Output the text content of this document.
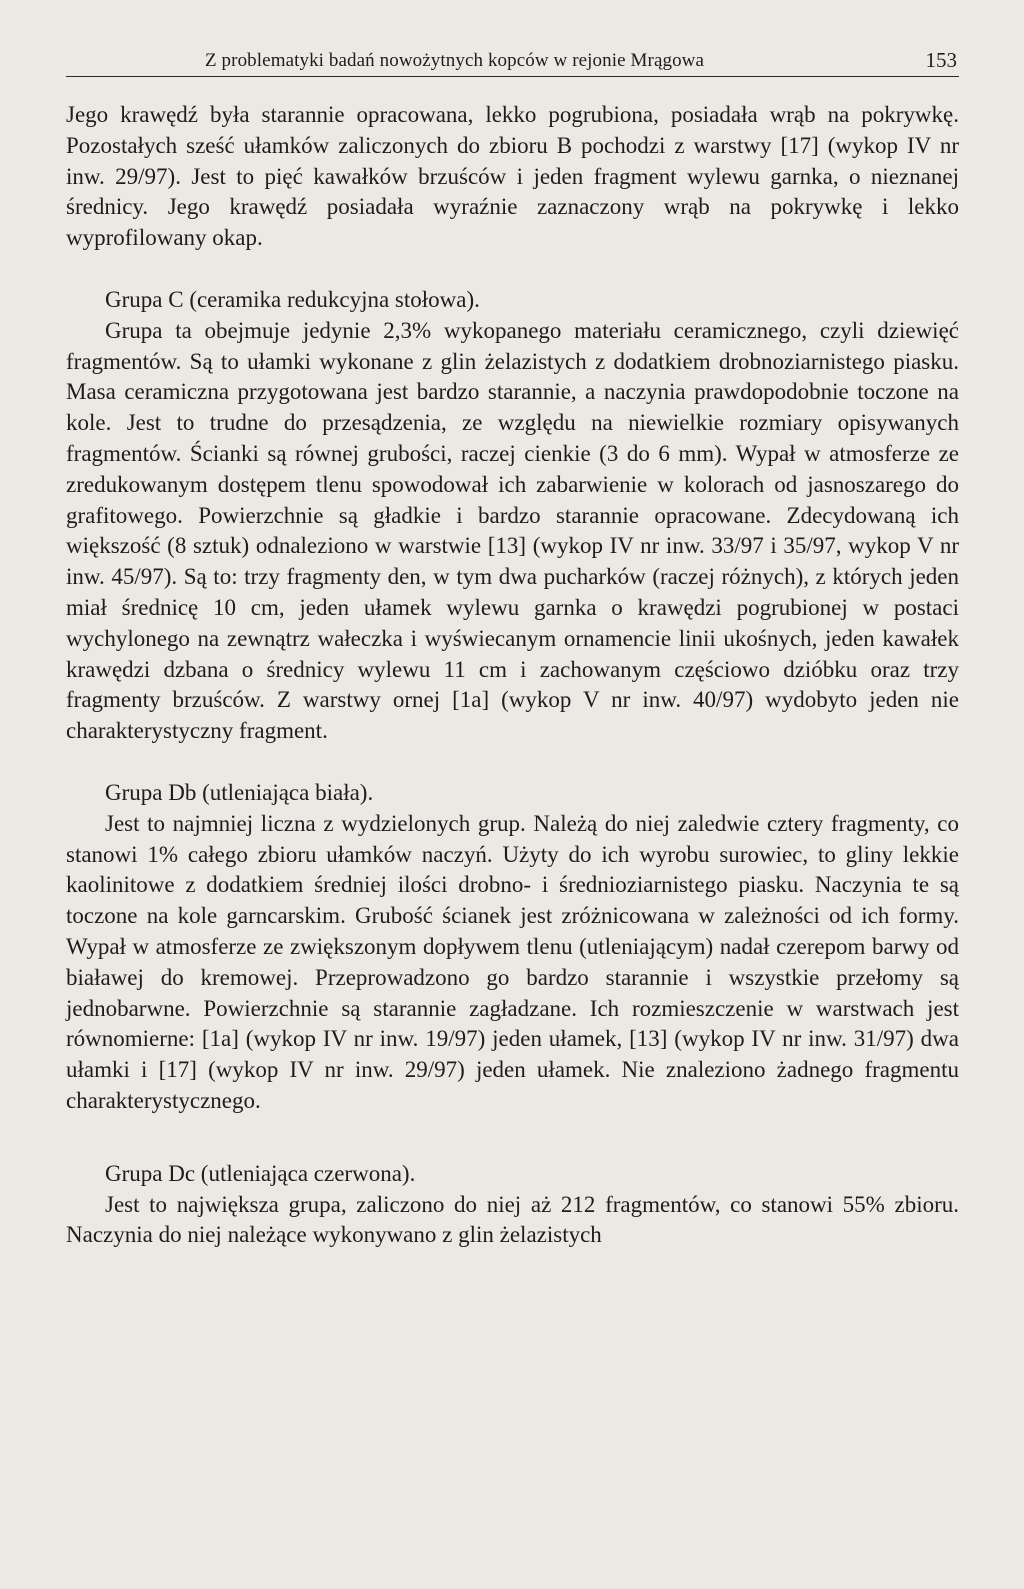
Z problematyki badań nowożytnych kopców w rejonie Mrągowa	153

Jego krawędź była starannie opracowana, lekko pogrubiona, posiadała wrąb na pokrywkę. Pozostałych sześć ułamków zaliczonych do zbioru B pochodzi z warstwy [17] (wykop IV nr inw. 29/97). Jest to pięć kawałków brzuśców i jeden fragment wylewu garnka, o nieznanej średnicy. Jego krawędź posiadała wyraźnie zaznaczony wrąb na pokrywkę i lekko wyprofilowany okap.

Grupa C (ceramika redukcyjna stołowa).

Grupa ta obejmuje jedynie 2,3% wykopanego materiału ceramicznego, czyli dziewięć fragmentów. Są to ułamki wykonane z glin żelazistych z dodatkiem drobnoziarnistego piasku. Masa ceramiczna przygotowana jest bardzo starannie, a naczynia prawdopodobnie toczone na kole. Jest to trudne do przesądzenia, ze względu na niewielkie rozmiary opisywanych fragmentów. Ścianki są równej grubości, raczej cienkie (3 do 6 mm). Wypał w atmosferze ze zredukowanym dostępem tlenu spowodował ich zabarwienie w kolorach od jasnoszarego do grafitowego. Powierzchnie są gładkie i bardzo starannie opracowane. Zdecydowaną ich większość (8 sztuk) odnaleziono w warstwie [13] (wykop IV nr inw. 33/97 i 35/97, wykop V nr inw. 45/97). Są to: trzy fragmenty den, w tym dwa pucharków (raczej różnych), z których jeden miał średnicę 10 cm, jeden ułamek wylewu garnka o krawędzi pogrubionej w postaci wychylonego na zewnątrz wałeczka i wyświecanym ornamencie linii ukośnych, jeden kawałek krawędzi dzbana o średnicy wylewu 11 cm i zachowanym częściowo dzióbku oraz trzy fragmenty brzuśców. Z warstwy ornej [1a] (wykop V nr inw. 40/97) wydobyto jeden nie charakterystyczny fragment.

Grupa Db (utleniająca biała).

Jest to najmniej liczna z wydzielonych grup. Należą do niej zaledwie cztery fragmenty, co stanowi 1% całego zbioru ułamków naczyń. Użyty do ich wyrobu surowiec, to gliny lekkie kaolinitowe z dodatkiem średniej ilości drobno- i średnioziarnistego piasku. Naczynia te są toczone na kole garncarskim. Grubość ścianek jest zróżnicowana w zależności od ich formy. Wypał w atmosferze ze zwiększonym dopływem tlenu (utleniającym) nadał czerepom barwy od białawej do kremowej. Przeprowadzono go bardzo starannie i wszystkie przełomy są jednobarwne. Powierzchnie są starannie zagładzane. Ich rozmieszczenie w warstwach jest równomierne: [1a] (wykop IV nr inw. 19/97) jeden ułamek, [13] (wykop IV nr inw. 31/97) dwa ułamki i [17] (wykop IV nr inw. 29/97) jeden ułamek. Nie znaleziono żadnego fragmentu charakterystycznego.

Grupa Dc (utleniająca czerwona).

Jest to największa grupa, zaliczono do niej aż 212 fragmentów, co stanowi 55% zbioru. Naczynia do niej należące wykonywano z glin żelazistych
